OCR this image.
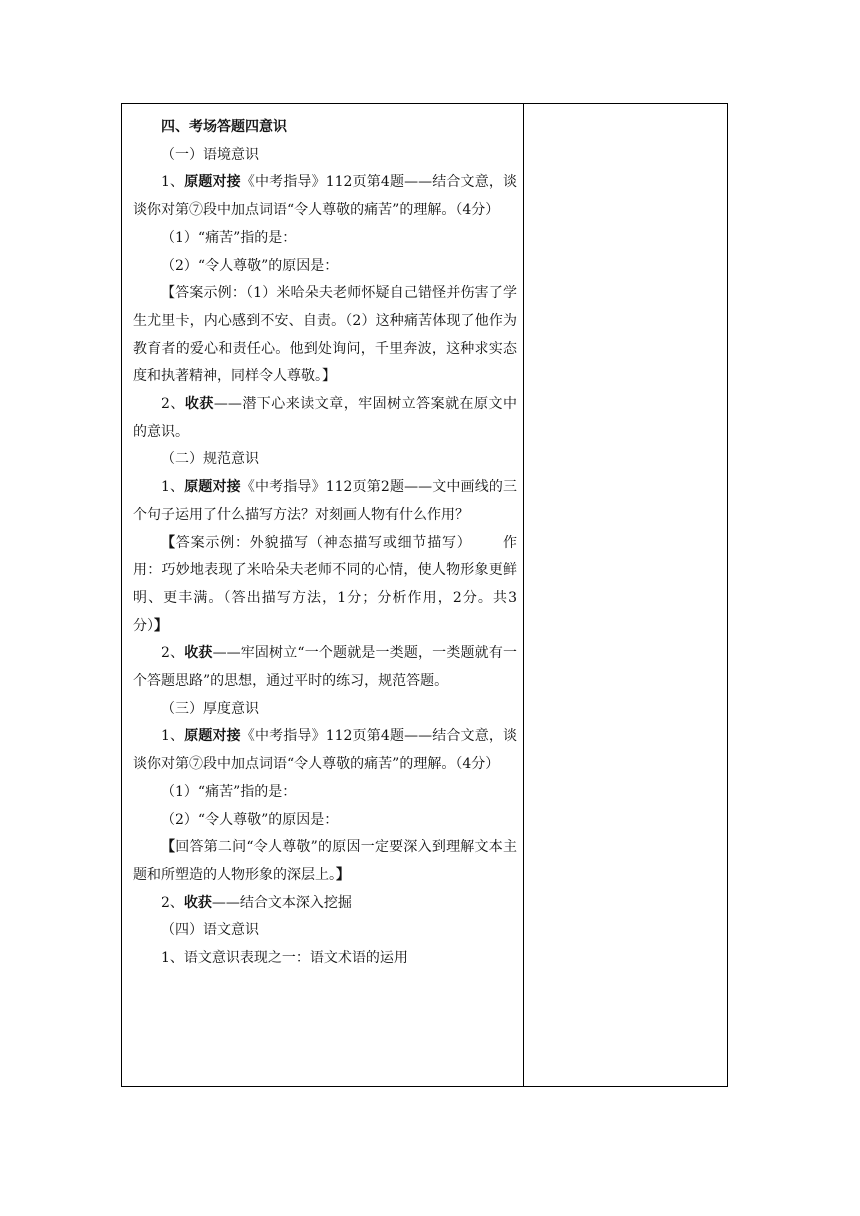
四、考场答题四意识

（一）语境意识

1、原题对接《中考指导》112页第4题——结合文意，谈谈你对第⑦段中加点词语“令人尊敬的痛苦”的理解。（4分）

（1）“痛苦”指的是：

（2）“令人尊敬”的原因是：

【答案示例：（1）米哈朵夫老师怀疑自己错怪并伤害了学生尤里卡，内心感到不安、自责。（2）这种痛苦体现了他作为教育者的爱心和责任心。他到处询问，千里奔波，这种求实态度和执著精神，同样令人尊敬。】

2、收获——潜下心来读文章，牢固树立答案就在原文中的意识。

（二）规范意识

1、原题对接《中考指导》112页第2题——文中画线的三个句子运用了什么描写方法？对刻画人物有什么作用？

【答案示例：外貌描写（神态描写或细节描写）      作用：巧妙地表现了米哈朵夫老师不同的心情，使人物形象更鲜明、更丰满。（答出描写方法，1分；分析作用，2分。共3分）】

2、收获——牢固树立“一个题就是一类题，一类题就有一个答题思路”的思想，通过平时的练习，规范答题。

（三）厚度意识

1、原题对接《中考指导》112页第4题——结合文意，谈谈你对第⑦段中加点词语“令人尊敬的痛苦”的理解。（4分）

（1）“痛苦”指的是：

（2）“令人尊敬”的原因是：

【回答第二问“令人尊敬”的原因一定要深入到理解文本主题和所塑造的人物形象的深层上。】

2、收获——结合文本深入挖掘

（四）语文意识

1、语文意识表现之一：语文术语的运用
